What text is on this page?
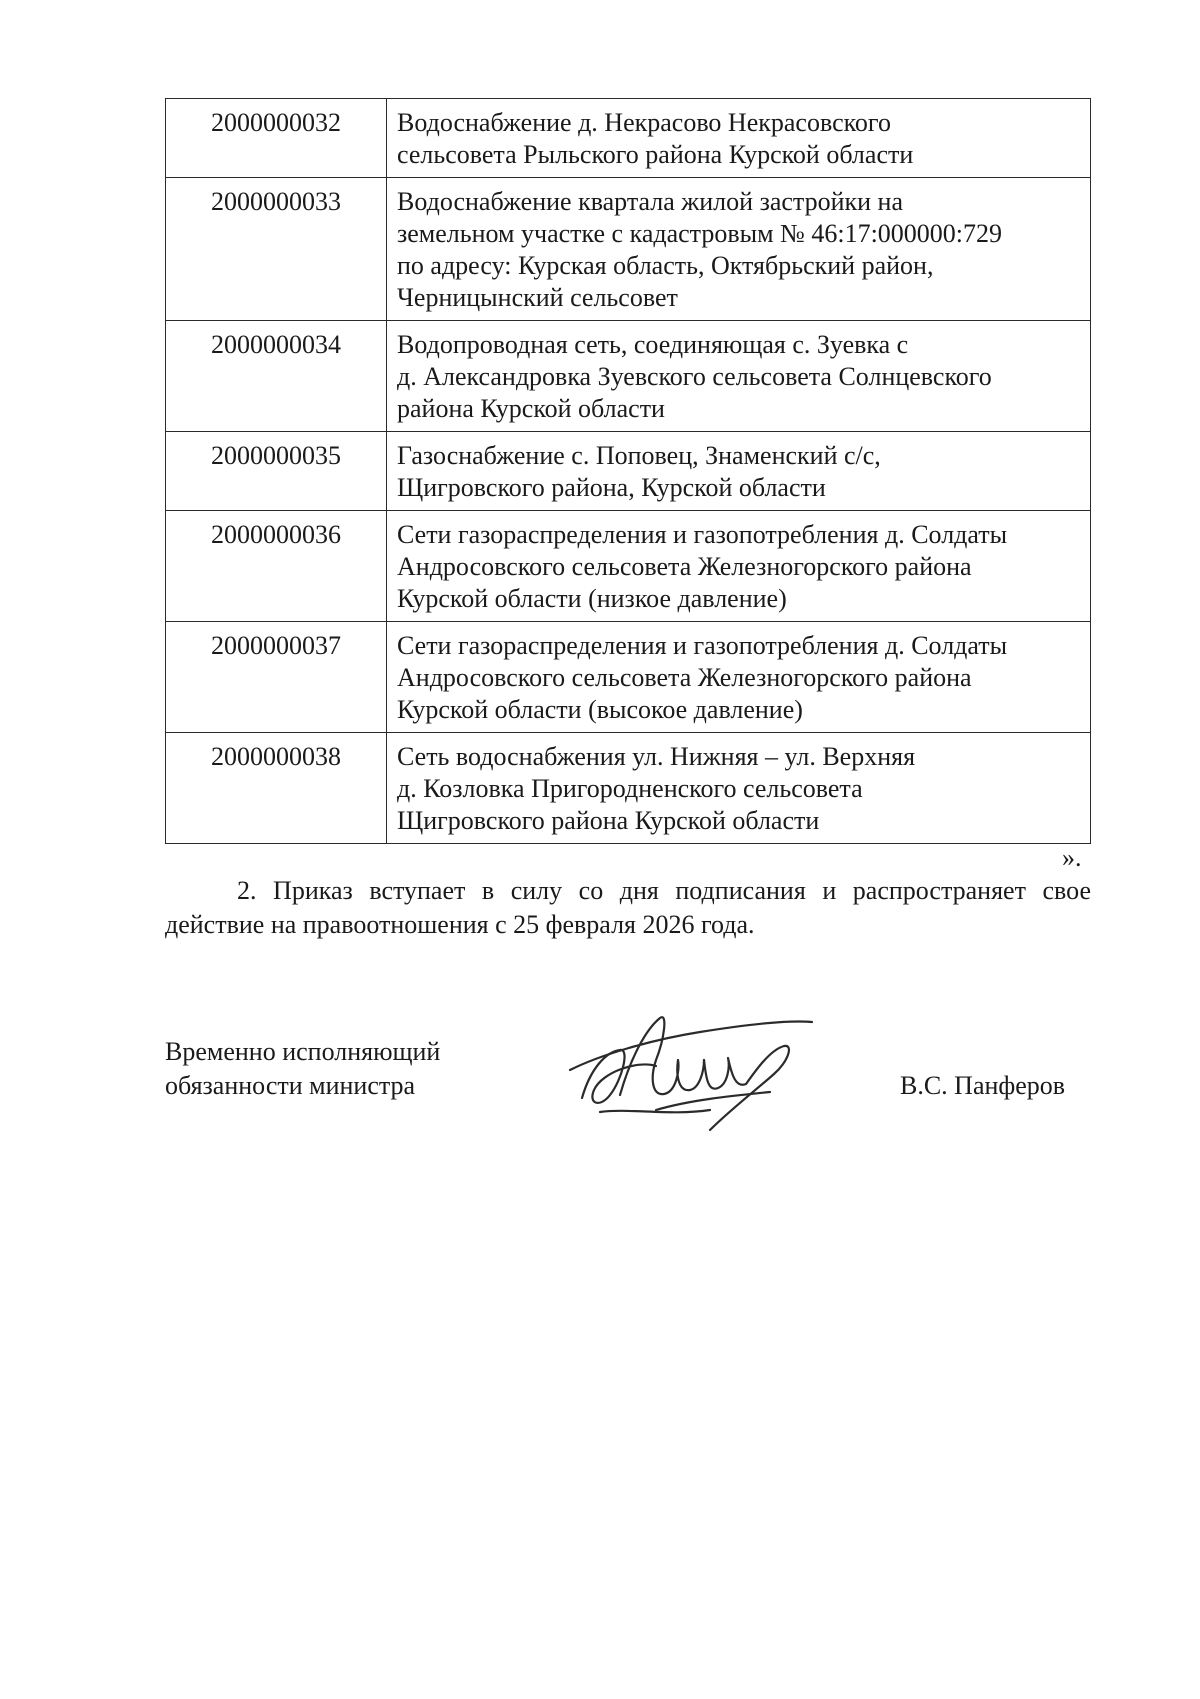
2000000032	Водоснабжение д. Некрасово Некрасовского
сельсовета Рыльского района Курской области
2000000033	Водоснабжение квартала жилой застройки на
земельном участке с кадастровым № 46:17:000000:729
по адресу: Курская область, Октябрьский район,
Черницынский сельсовет
2000000034	Водопроводная сеть, соединяющая с. Зуевка с
д. Александровка Зуевского сельсовета Солнцевского
района Курской области
2000000035	Газоснабжение с. Поповец, Знаменский с/с,
Щигровского района, Курской области
2000000036	Сети газораспределения и газопотребления д. Солдаты
Андросовского сельсовета Железногорского района
Курской области (низкое давление)
2000000037	Сети газораспределения и газопотребления д. Солдаты
Андросовского сельсовета Железногорского района
Курской области (высокое давление)
2000000038	Сеть водоснабжения ул. Нижняя – ул. Верхняя
д. Козловка Пригородненского сельсовета
Щигровского района Курской области
».

2. Приказ вступает в силу со дня подписания и распространяет свое действие на правоотношения с 25 февраля 2026 года.

Временно исполняющий
обязанности министра	В.С. Панферов
